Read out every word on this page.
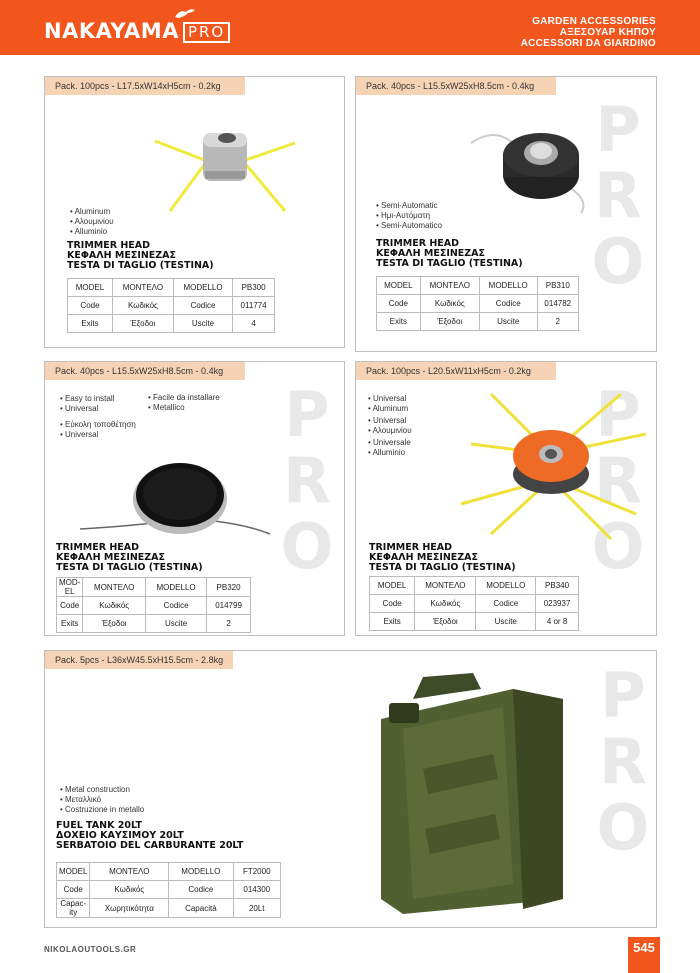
NAKAYAMA PRO
GARDEN ACCESSORIES
ΑΞΕΣΟΥΑΡ ΚΗΠΟΥ
ACCESSORI DA GIARDINO
Pack. 100pcs - L17.5xW14xH5cm - 0.2kg
• Aluminum
• Αλουμινίου
• Alluminio
TRIMMER HEAD
ΚΕΦΑΛΗ ΜΕΣΙΝΕΖΑΣ
TESTA DI TAGLIO (TESTINA)
MODEL	ΜΟΝΤΕΛΟ	MODELLO	PB300
Code	Κωδικός	Codice	011774
Exits	Έξοδοι	Uscite	4
Pack. 40pcs - L15.5xW25xH8.5cm - 0.4kg
P
R
O
• Semi-Automatic
• Ημι-Αυτόματη
• Semi-Automatico
TRIMMER HEAD
ΚΕΦΑΛΗ ΜΕΣΙΝΕΖΑΣ
TESTA DI TAGLIO (TESTINA)
MODEL	ΜΟΝΤΕΛΟ	MODELLO	PB310
Code	Κωδικός	Codice	014782
Exits	Έξοδοι	Uscite	2
Pack. 40pcs - L15.5xW25xH8.5cm - 0.4kg
P
R
O
• Easy to install
• Universal
• Facile da installare
• Metallico
• Εύκολη τοποθέτηση
• Universal
TRIMMER HEAD
ΚΕΦΑΛΗ ΜΕΣΙΝΕΖΑΣ
TESTA DI TAGLIO (TESTINA)
MOD-EL	ΜΟΝΤΕΛΟ	MODELLO	PB320
Code	Κωδικός	Codice	014799
Exits	Έξοδοι	Uscite	2
Pack. 100pcs - L20.5xW11xH5cm - 0.2kg
P
R
O
• Universal
• Aluminum
• Universal
• Αλουμινίου
• Universale
• Alluminio
TRIMMER HEAD
ΚΕΦΑΛΗ ΜΕΣΙΝΕΖΑΣ
TESTA DI TAGLIO (TESTINA)
MODEL	ΜΟΝΤΕΛΟ	MODELLO	PB340
Code	Κωδικός	Codice	023937
Exits	Έξοδοι	Uscite	4 or 8
Pack. 5pcs - L36xW45.5xH15.5cm - 2.8kg	P
R
O
• Metal construction
• Μεταλλικό
• Costruzione in metallo
FUEL TANK 20LT
ΔΟΧΕΙΟ ΚΑΥΣΙΜΟΥ 20LT
SERBATOIO DEL CARBURANTE 20LT
MODEL	ΜΟΝΤΕΛΟ	MODELLO	FT2000
Code	Κωδικός	Codice	014300
Capac-ity	Χωρητικότητα	Capacità	20Lt
NIKOLAOUTOOLS.GR	545
